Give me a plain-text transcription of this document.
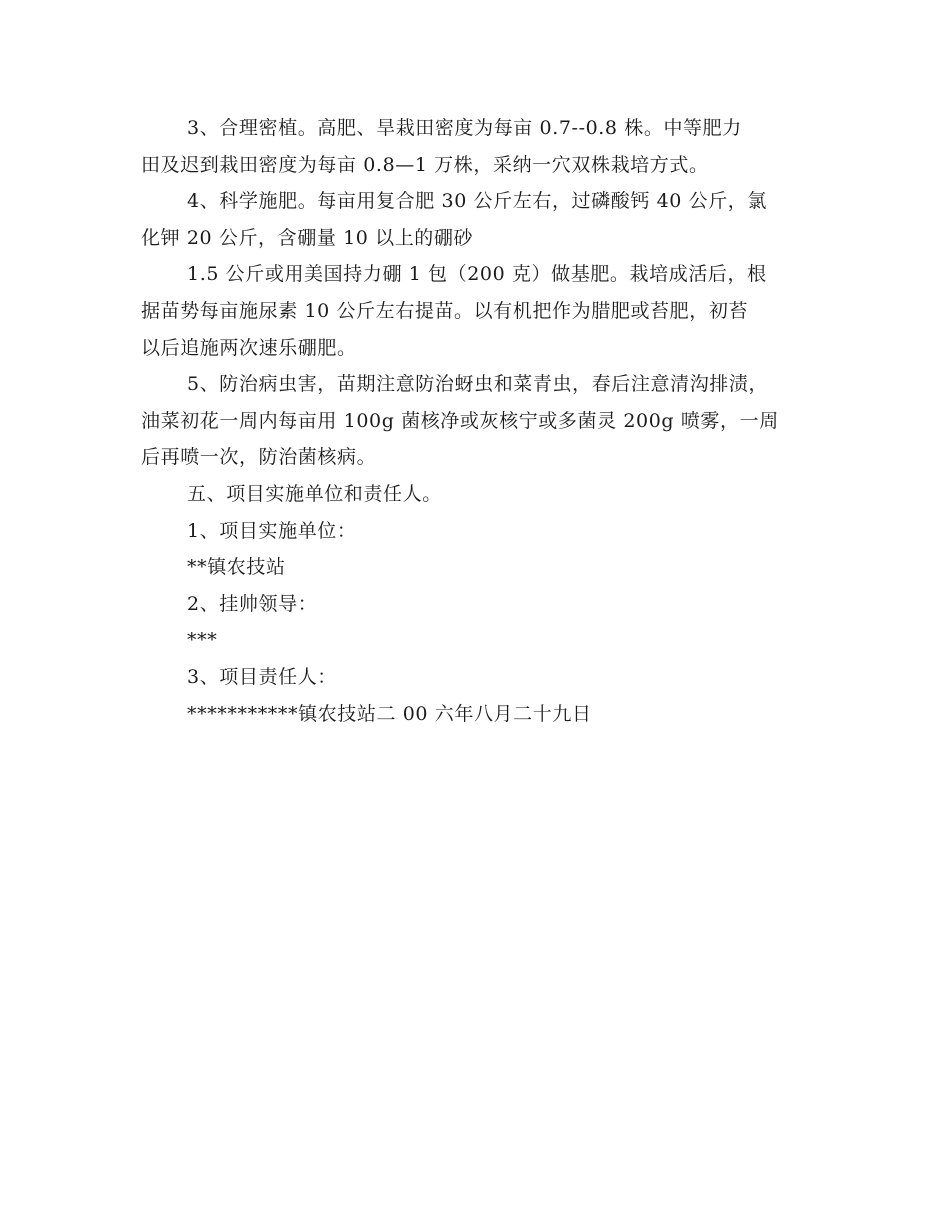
3、合理密植。高肥、旱栽田密度为每亩 0.7--0.8 株。中等肥力
田及迟到栽田密度为每亩 0.8—1 万株，采纳一穴双株栽培方式。
4、科学施肥。每亩用复合肥 30 公斤左右，过磷酸钙 40 公斤，氯
化钾 20 公斤，含硼量 10 以上的硼砂
1.5 公斤或用美国持力硼 1 包（200 克）做基肥。栽培成活后，根
据苗势每亩施尿素 10 公斤左右提苗。以有机把作为腊肥或苔肥，初苔
以后追施两次速乐硼肥。
5、防治病虫害，苗期注意防治蚜虫和菜青虫，春后注意清沟排渍，
油菜初花一周内每亩用 100g 菌核净或灰核宁或多菌灵 200g 喷雾，一周
后再喷一次，防治菌核病。
五、项目实施单位和责任人。
1、项目实施单位：
**镇农技站
2、挂帅领导：
***
3、项目责任人：
***********镇农技站二 00 六年八月二十九日
